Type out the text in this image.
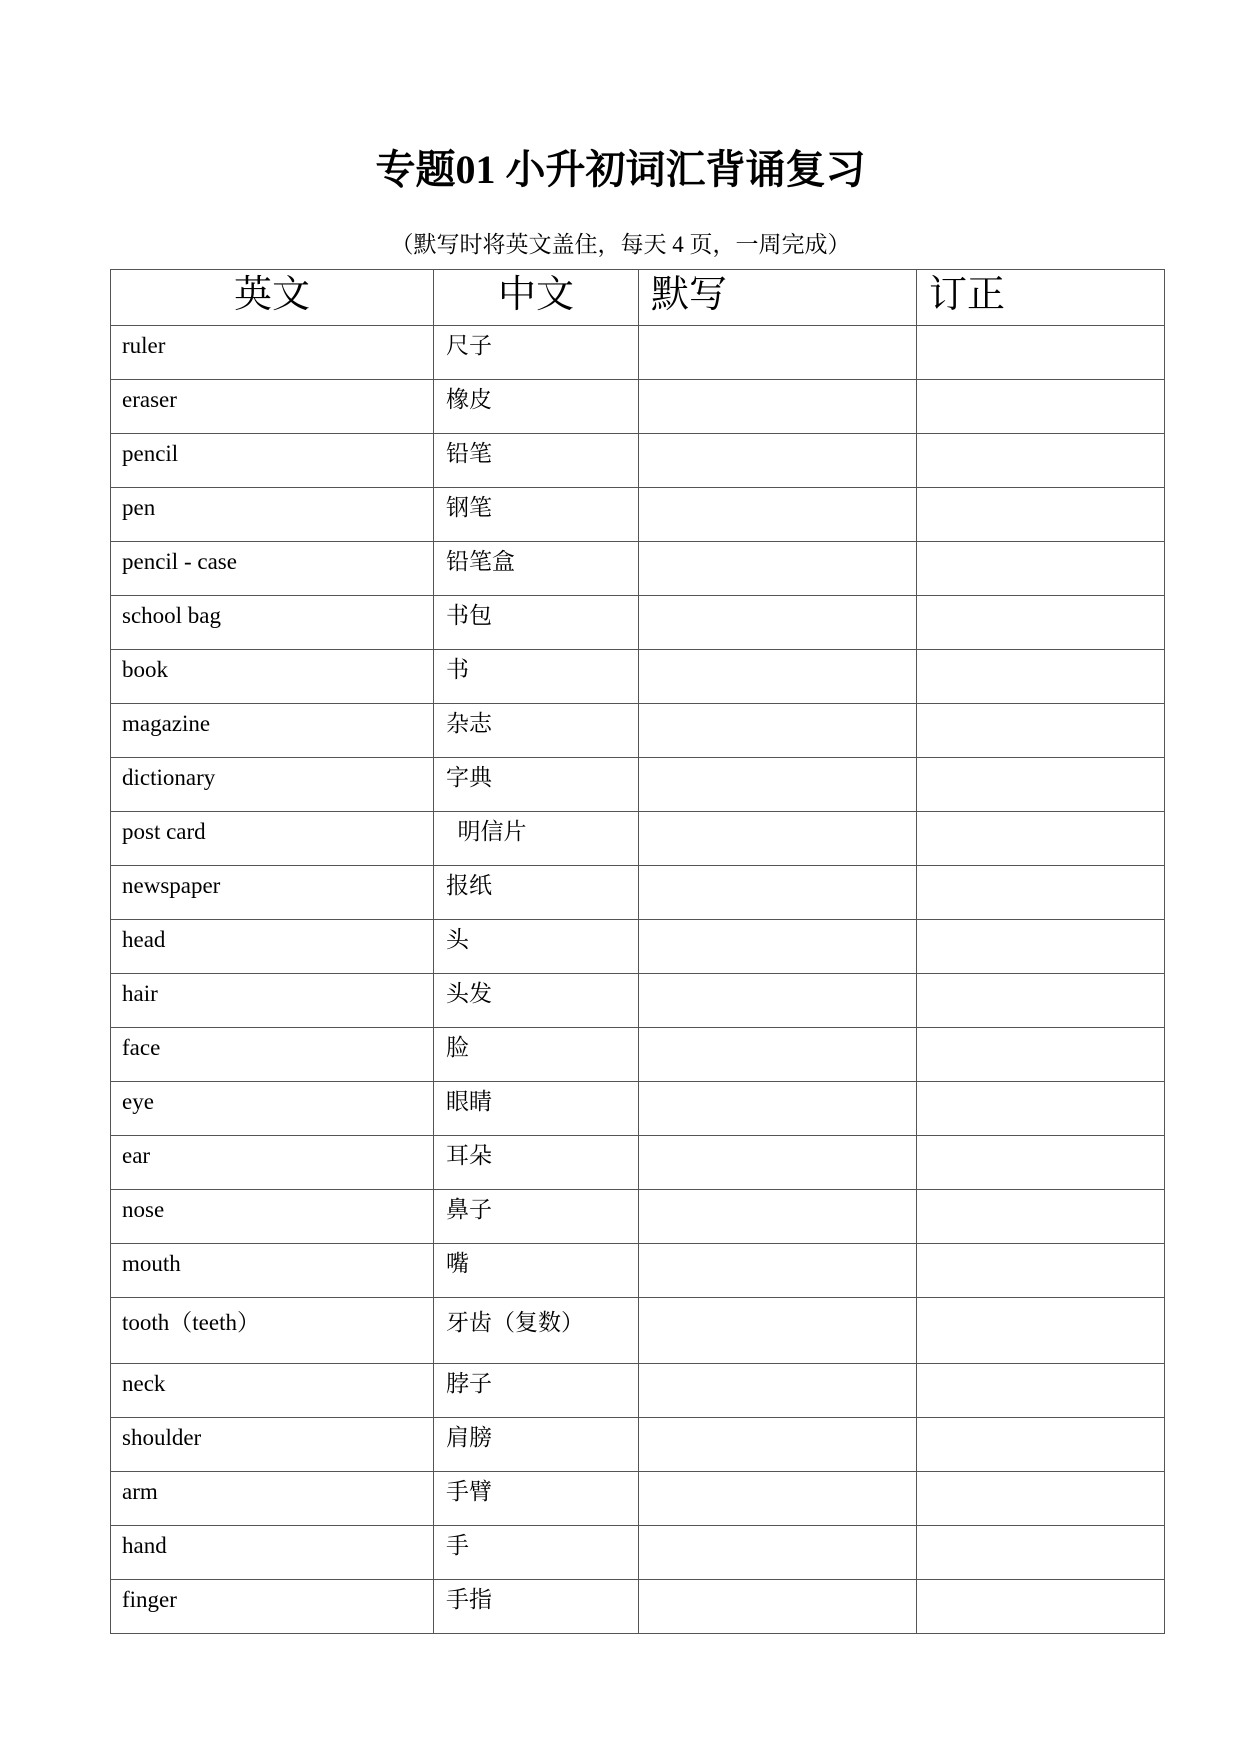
专题01 小升初词汇背诵复习

（默写时将英文盖住，每天 4 页，一周完成）

英文	中文	默写	订正
ruler	尺子		
eraser	橡皮		
pencil	铅笔		
pen	钢笔		
pencil - case	铅笔盒		
school bag	书包		
book	书		
magazine	杂志		
dictionary	字典		
post card	明信片		
newspaper	报纸		
head	头		
hair	头发		
face	脸		
eye	眼睛		
ear	耳朵		
nose	鼻子		
mouth	嘴		
tooth（teeth）	牙齿（复数）		
neck	脖子		
shoulder	肩膀		
arm	手臂		
hand	手		
finger	手指		
